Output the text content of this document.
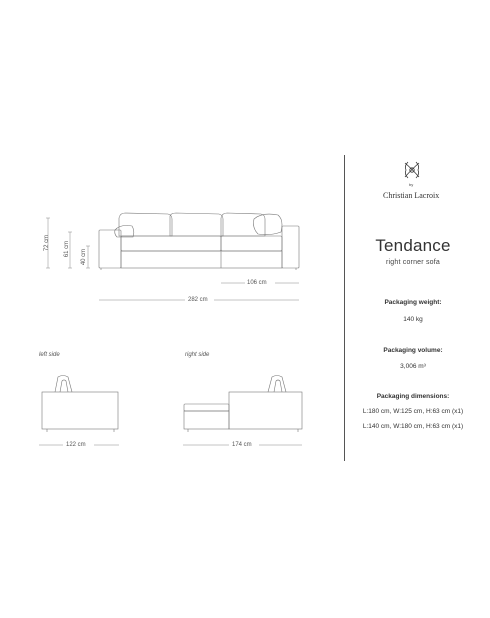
72 cm 61 cm 40 cm
106 cm
282 cm
122 cm	174 cm
left side	right side
by
Christian Lacroix
Tendance
right corner sofa
Packaging weight:
140 kg
Packaging volume:
3,006 m³
Packaging dimensions:
L:180 cm, W:125 cm, H:63 cm (x1)
L:140 cm, W:180 cm, H:63 cm (x1)
